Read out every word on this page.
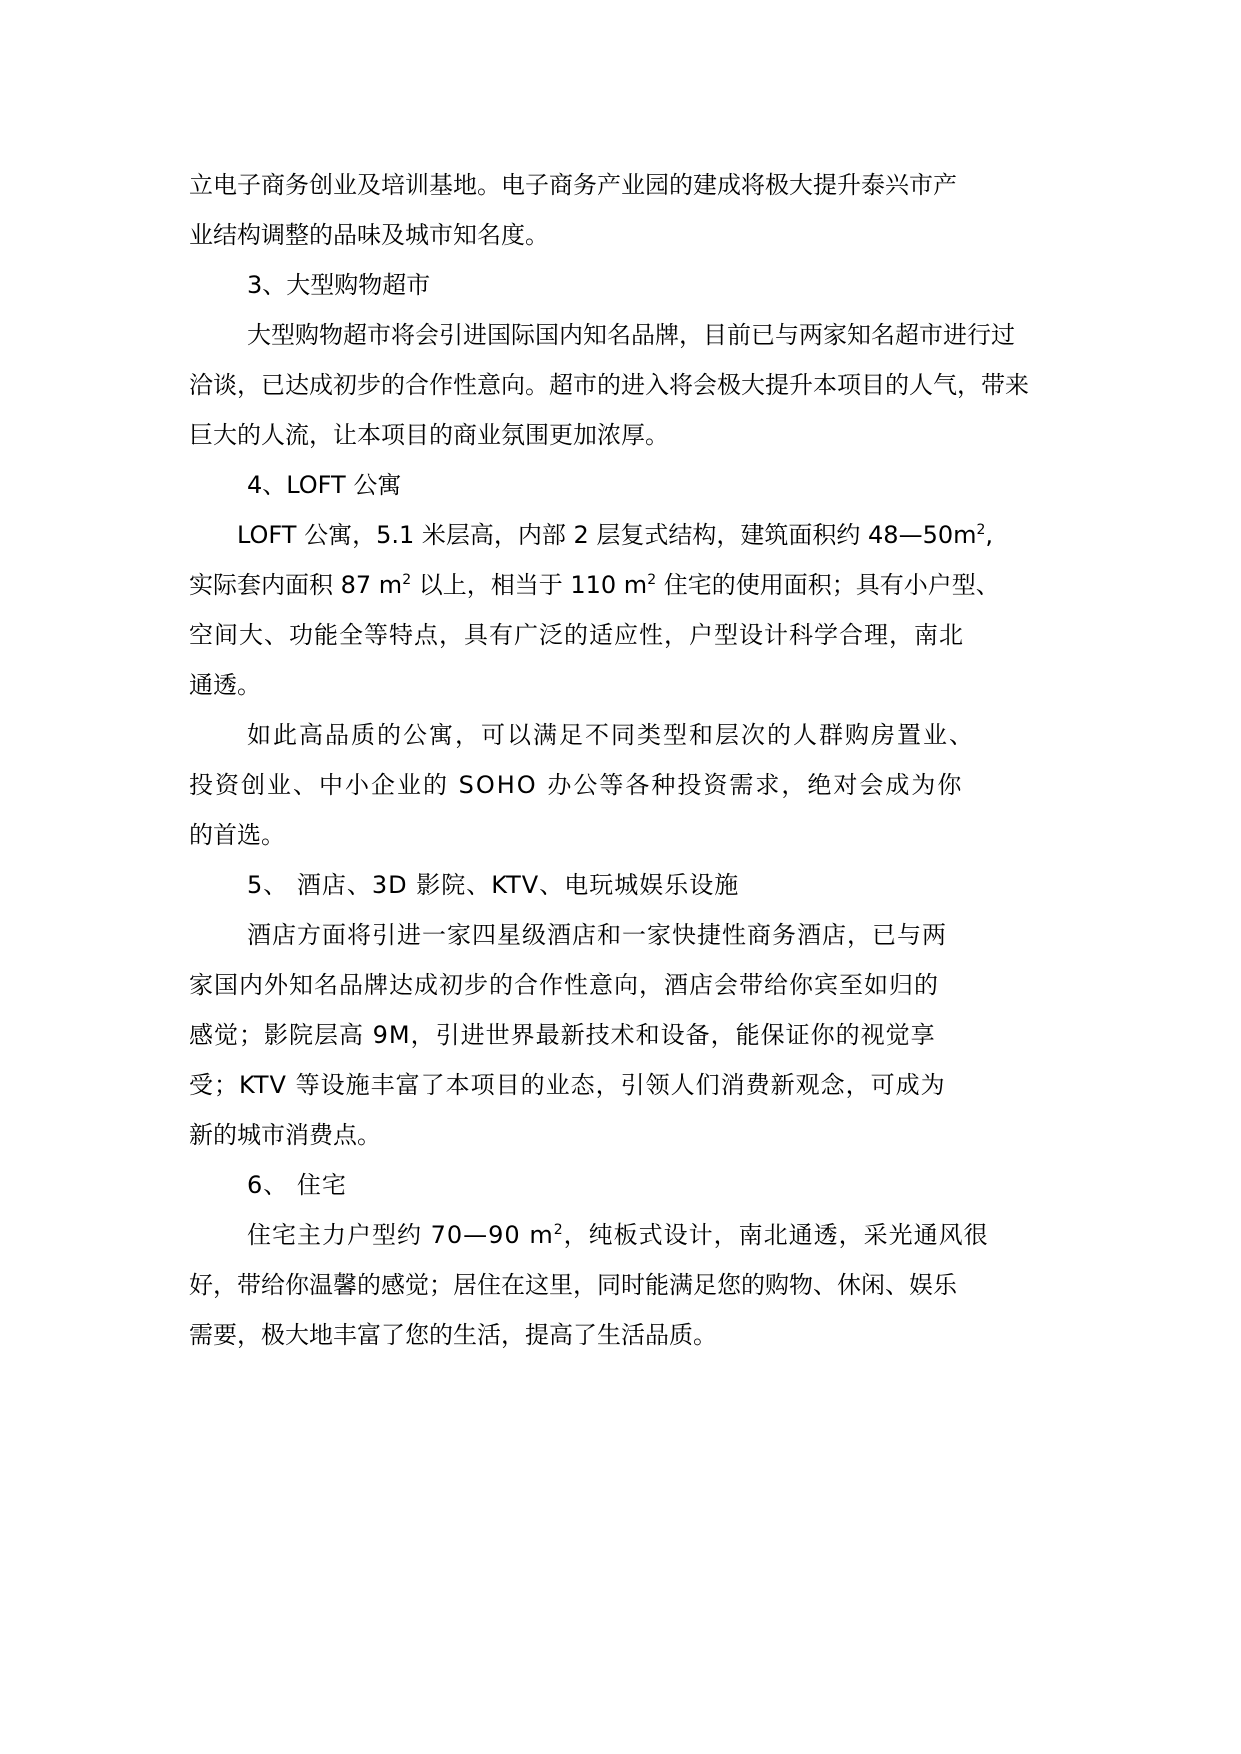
立电子商务创业及培训基地。电子商务产业园的建成将极大提升泰兴市产
业结构调整的品味及城市知名度。
3、大型购物超市
大型购物超市将会引进国际国内知名品牌，目前已与两家知名超市进行过
洽谈，已达成初步的合作性意向。超市的进入将会极大提升本项目的人气，带来
巨大的人流，让本项目的商业氛围更加浓厚。
4、LOFT 公寓
LOFT 公寓，5.1 米层高，内部 2 层复式结构，建筑面积约 $48—50m^2$,
实际套内面积 87 $m^2$ 以上，相当于 110 $m^2$ 住宅的使用面积；具有小户型、
空间大、功能全等特点，具有广泛的适应性，户型设计科学合理，南北
通透。
如此高品质的公寓，可以满足不同类型和层次的人群购房置业、
投资创业、中小企业的 SOHO 办公等各种投资需求，绝对会成为你
的首选。
5、 酒店、3D 影院、KTV、电玩城娱乐设施
酒店方面将引进一家四星级酒店和一家快捷性商务酒店，已与两
家国内外知名品牌达成初步的合作性意向，酒店会带给你宾至如归的
感觉；影院层高 9M，引进世界最新技术和设备，能保证你的视觉享
受；KTV 等设施丰富了本项目的业态，引领人们消费新观念，可成为
新的城市消费点。
6、 住宅
住宅主力户型约 70—90 $m^2$，纯板式设计，南北通透，采光通风很
好，带给你温馨的感觉；居住在这里，同时能满足您的购物、休闲、娱乐
需要，极大地丰富了您的生活，提高了生活品质。
